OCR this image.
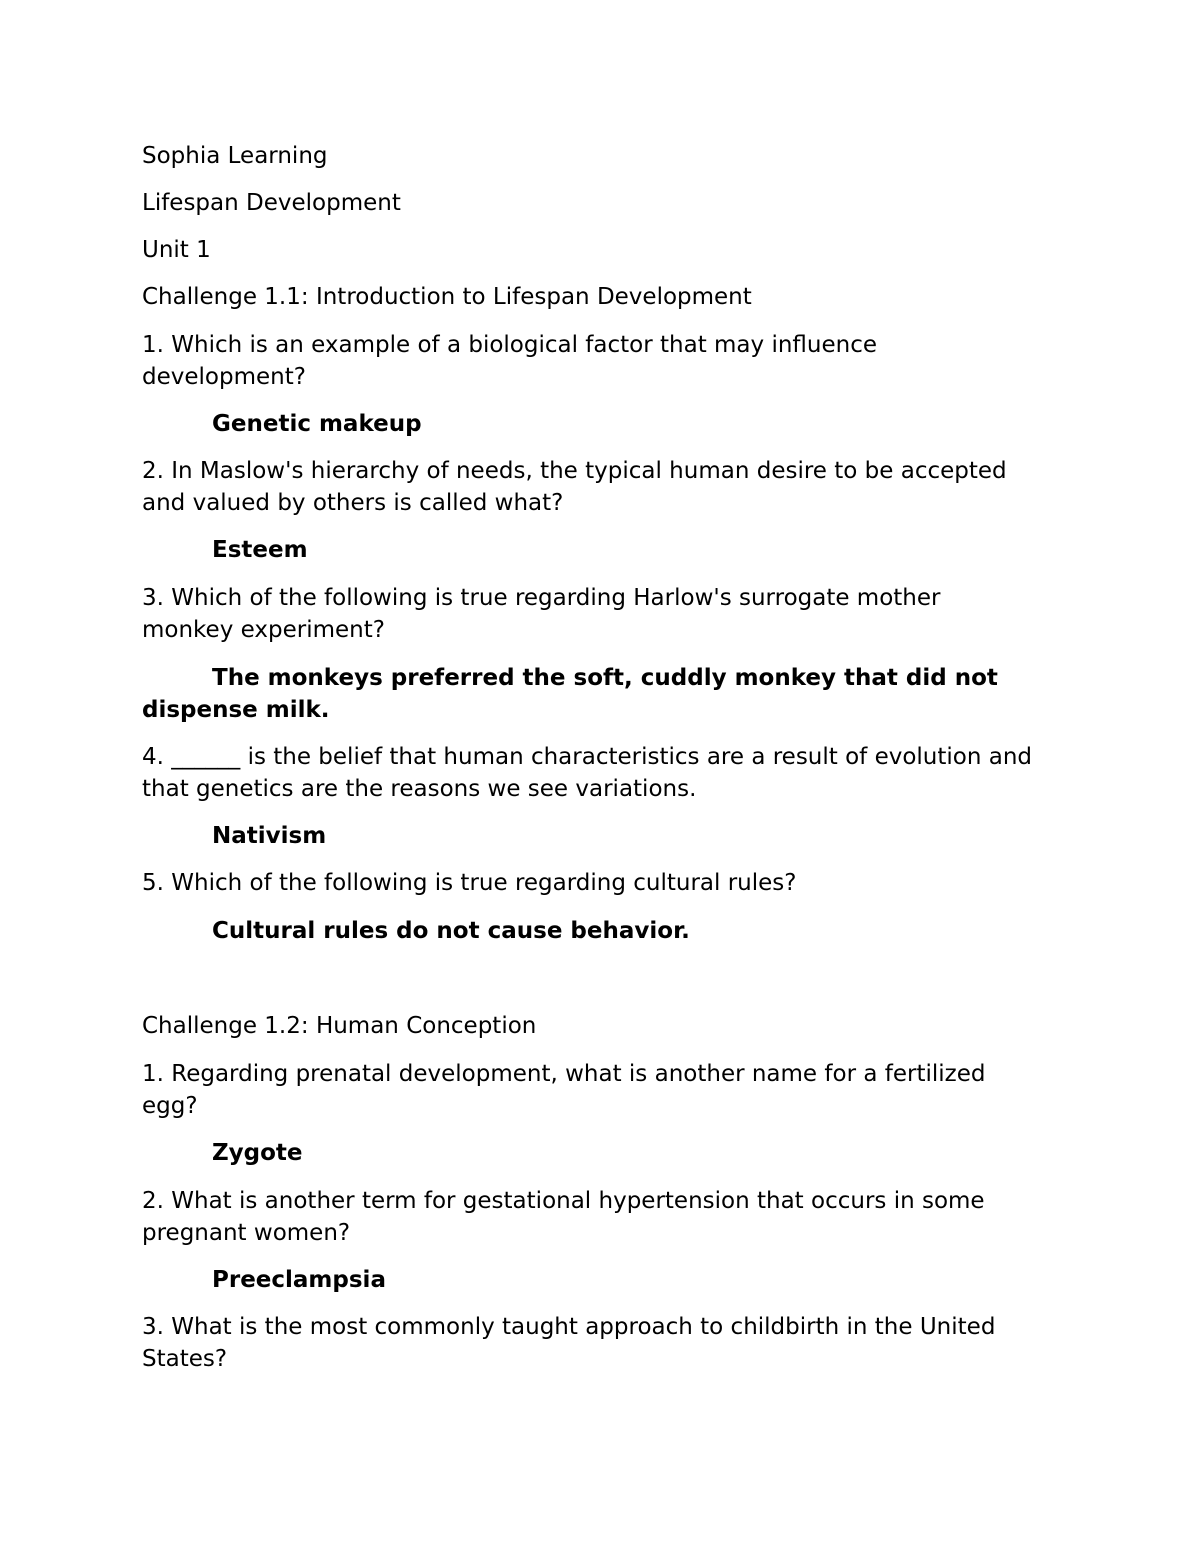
Sophia Learning

Lifespan Development

Unit 1

Challenge 1.1: Introduction to Lifespan Development

1. Which is an example of a biological factor that may influence

development?

Genetic makeup

2. In Maslow's hierarchy of needs, the typical human desire to be accepted

and valued by others is called what?

Esteem

3. Which of the following is true regarding Harlow's surrogate mother

monkey experiment?

The monkeys preferred the soft, cuddly monkey that did not dispense milk.

4. ______ is the belief that human characteristics are a result of evolution and

that genetics are the reasons we see variations.

Nativism

5. Which of the following is true regarding cultural rules?

Cultural rules do not cause behavior.

Challenge 1.2: Human Conception

1. Regarding prenatal development, what is another name for a fertilized

egg?

Zygote

2. What is another term for gestational hypertension that occurs in some

pregnant women?

Preeclampsia

3. What is the most commonly taught approach to childbirth in the United

States?
